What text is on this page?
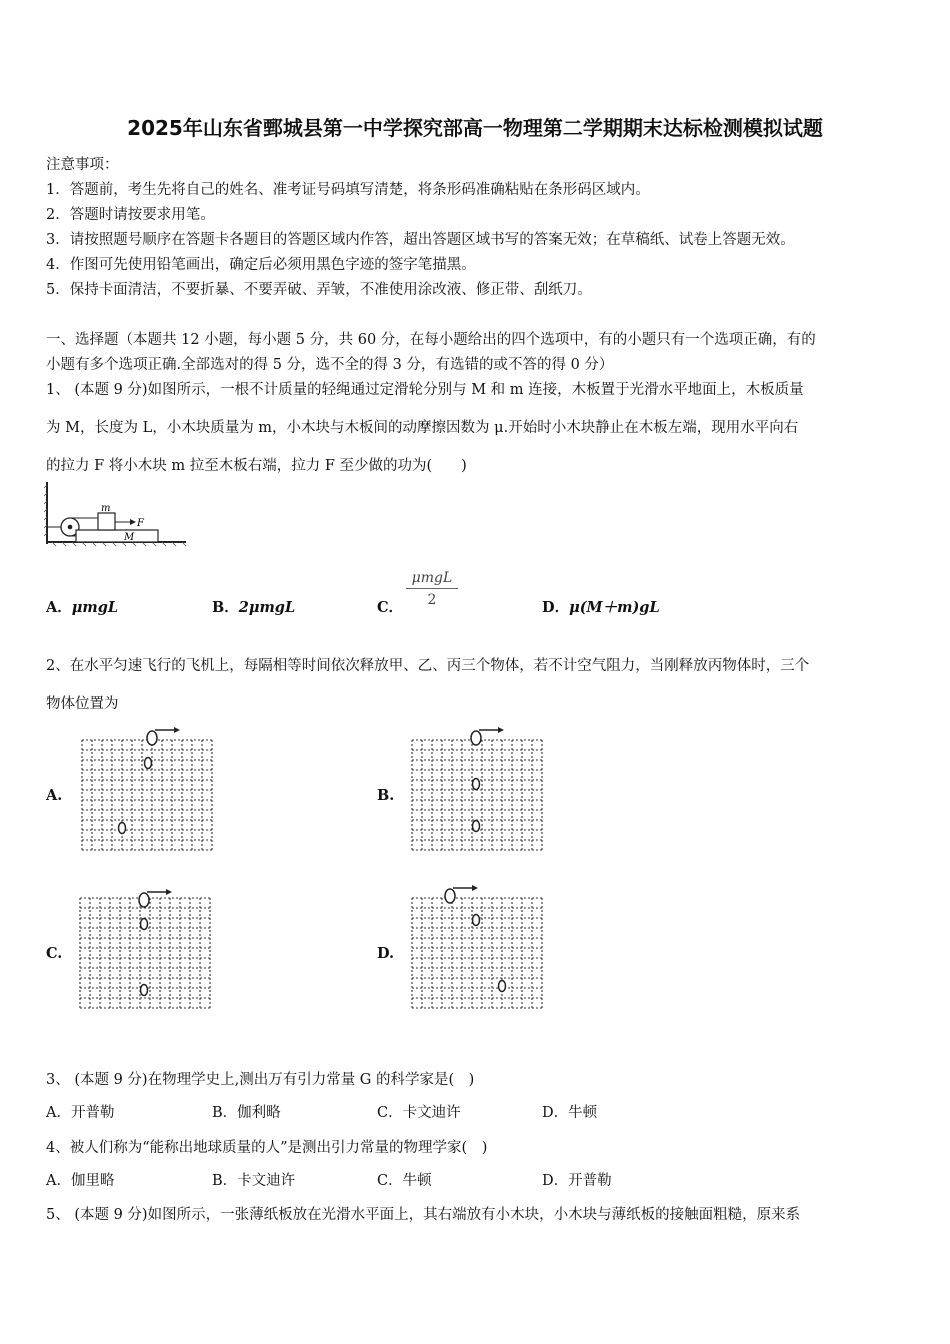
2025年山东省鄄城县第一中学探究部高一物理第二学期期末达标检测模拟试题
注意事项：
1．答题前，考生先将自己的姓名、准考证号码填写清楚，将条形码准确粘贴在条形码区域内。
2．答题时请按要求用笔。
3．请按照题号顺序在答题卡各题目的答题区域内作答，超出答题区域书写的答案无效；在草稿纸、试卷上答题无效。
4．作图可先使用铅笔画出，确定后必须用黑色字迹的签字笔描黑。
5．保持卡面清洁，不要折暴、不要弄破、弄皱，不准使用涂改液、修正带、刮纸刀。
一、选择题（本题共 12 小题，每小题 5 分，共 60 分，在每小题给出的四个选项中，有的小题只有一个选项正确，有的
小题有多个选项正确.全部选对的得 5 分，选不全的得 3 分，有选错的或不答的得 0 分）
1、 (本题 9 分)如图所示，一根不计质量的轻绳通过定滑轮分别与 M 和 m 连接，木板置于光滑水平地面上，木板质量
为 M，长度为 L，小木块质量为 m，小木块与木板间的动摩擦因数为 μ.开始时小木块静止在木板左端，现用水平向右
的拉力 F 将小木块 m 拉至木板右端，拉力 F 至少做的功为(　　)
m
F
M
A．μmgL	B．2μmgL	C．
μmgL
2	D．μ(M＋m)gL
2、在水平匀速飞行的飞机上，每隔相等时间依次释放甲、乙、丙三个物体，若不计空气阻力，当刚释放丙物体时，三个
物体位置为
A.	B.
C.	D.
3、 (本题 9 分)在物理学史上,测出万有引力常量 G 的科学家是(　)
A．开普勒	B．伽利略	C．卡文迪许	D．牛顿
4、被人们称为“能称出地球质量的人”是测出引力常量的物理学家(　)
A．伽里略	B．卡文迪许	C．牛顿	D．开普勒
5、 (本题 9 分)如图所示，一张薄纸板放在光滑水平面上，其右端放有小木块，小木块与薄纸板的接触面粗糙，原来系
